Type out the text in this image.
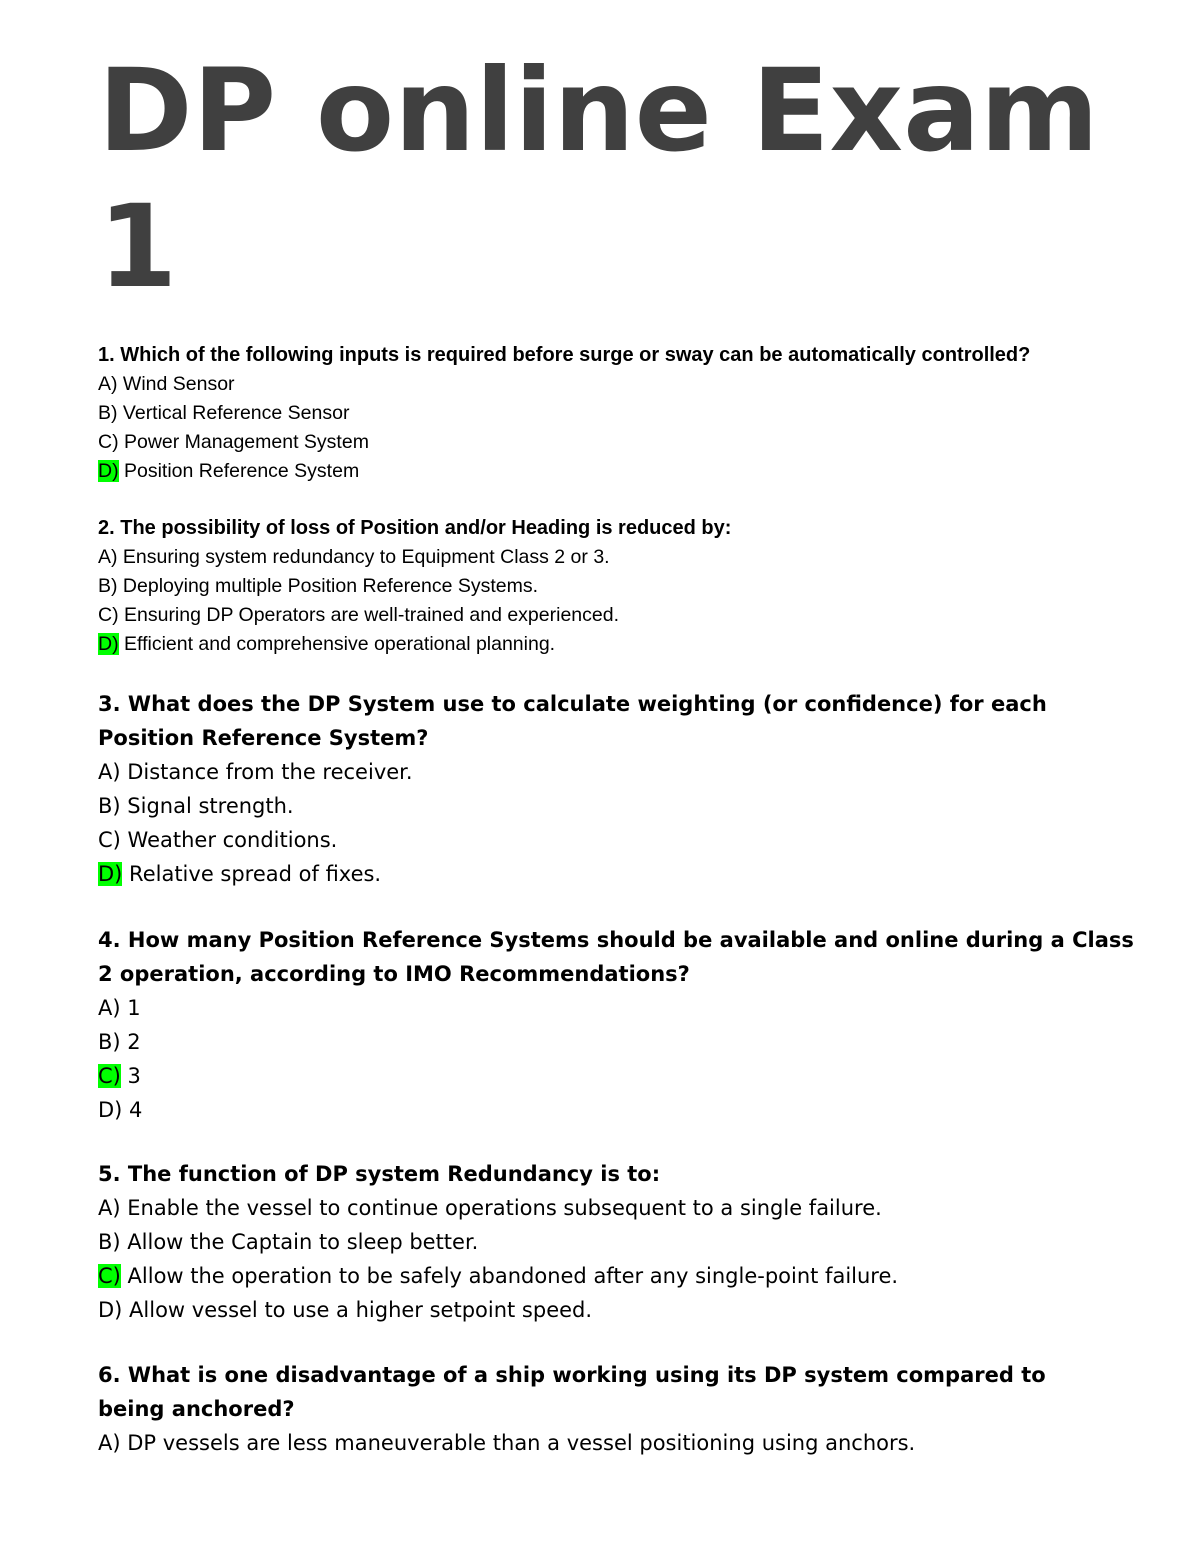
DP online Exam 1
1. Which of the following inputs is required before surge or sway can be automatically controlled?
A) Wind Sensor
B) Vertical Reference Sensor
C) Power Management System
D) Position Reference System
2. The possibility of loss of Position and/or Heading is reduced by:
A) Ensuring system redundancy to Equipment Class 2 or 3.
B) Deploying multiple Position Reference Systems.
C) Ensuring DP Operators are well-trained and experienced.
D) Efficient and comprehensive operational planning.
3. What does the DP System use to calculate weighting (or confidence) for each Position Reference System?
A) Distance from the receiver.
B) Signal strength.
C) Weather conditions.
D) Relative spread of fixes.
4. How many Position Reference Systems should be available and online during a Class 2 operation, according to IMO Recommendations?
A) 1
B) 2
C) 3
D) 4
5. The function of DP system Redundancy is to:
A) Enable the vessel to continue operations subsequent to a single failure.
B) Allow the Captain to sleep better.
C) Allow the operation to be safely abandoned after any single-point failure.
D) Allow vessel to use a higher setpoint speed.
6. What is one disadvantage of a ship working using its DP system compared to being anchored?
A) DP vessels are less maneuverable than a vessel positioning using anchors.
